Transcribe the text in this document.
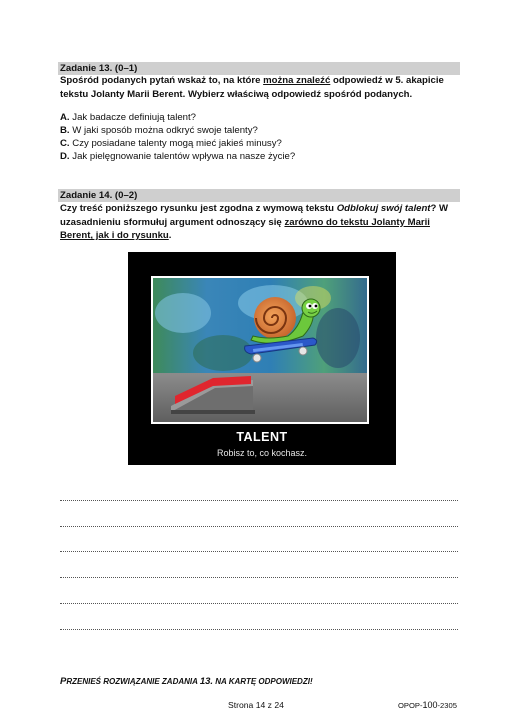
Zadanie 13. (0–1)
Spośród podanych pytań wskaż to, na które można znaleźć odpowiedź w 5. akapicie tekstu Jolanty Marii Berent. Wybierz właściwą odpowiedź spośród podanych.
A. Jak badacze definiują talent?
B. W jaki sposób można odkryć swoje talenty?
C. Czy posiadane talenty mogą mieć jakieś minusy?
D. Jak pielęgnowanie talentów wpływa na nasze życie?
Zadanie 14. (0–2)
Czy treść poniższego rysunku jest zgodna z wymową tekstu Odblokuj swój talent? W uzasadnieniu sformułuj argument odnoszący się zarówno do tekstu Jolanty Marii Berent, jak i do rysunku.
TALENT
Robisz to, co kochasz.
PRZENIEŚ ROZWIĄZANIE ZADANIA 13. NA KARTĘ ODPOWIEDZI!
Strona 14 z 24	OPOP-100-2305
